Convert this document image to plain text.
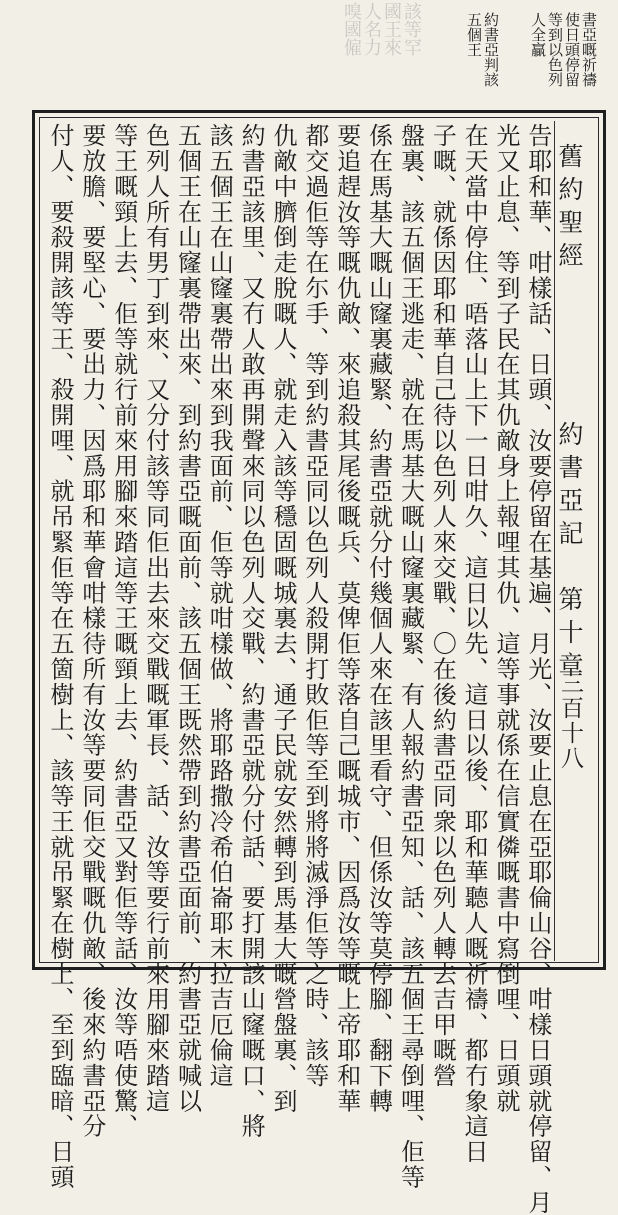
該等罕
國王來
人名力
嗅國僱	書亞嘅祈禱
使日頭停留
等到以色列
人全贏
約書亞判該
五個王
舊約聖經
約書亞記　第十章
三百十八
告耶和華、咁樣話、日頭、汝要停留在基遍、月光、汝要止息在亞耶倫山谷、咁樣日頭就停留、月
光又止息、等到子民在其仇敵身上報哩其仇、這等事就係在信實僯嘅書中寫倒哩、日頭就
在天當中停住、唔落山上下一日咁久、這日以先、這日以後、耶和華聽人嘅祈禱、都冇象這日
子嘅、就係因耶和華自己待以色列人來交戰、〇在後約書亞同衆以色列人轉去吉甲嘅營
盤裏、該五個王逃走、就在馬基大嘅山窿裏藏緊、有人報約書亞知、話、該五個王尋倒哩、佢等
係在馬基大嘅山窿裏藏緊、約書亞就分付幾個人來在該里看守、但係汝等莫停腳、翻下轉
要追趕汝等嘅仇敵、來追殺其尾後嘅兵、莫俾佢等落自己嘅城市、因爲汝等嘅上帝耶和華
都交過佢等在尓手、等到約書亞同以色列人殺開打敗佢等至到將將滅淨佢等之時、該等
仇敵中臍倒走脫嘅人、就走入該等穩固嘅城裏去、通子民就安然轉到馬基大嘅營盤裏、到
約書亞該里、又冇人敢再開聲來同以色列人交戰、約書亞就分付話、要打開該山窿嘅口、將
該五個王在山窿裏帶出來到我面前、佢等就咁樣做、將耶路撒冷希伯崙耶末拉吉厄倫這
五個王在山窿裏帶出來、到約書亞嘅面前、該五個王既然帶到約書亞面前、約書亞就喊以
色列人所有男丁到來、又分付該等同佢出去來交戰嘅軍長、話、汝等要行前來用腳來踏這
等王嘅頸上去、佢等就行前來用腳來踏這等王嘅頸上去、約書亞又對佢等話、汝等唔使驚、
要放膽、要堅心、要出力、因爲耶和華會咁樣待所有汝等要同佢交戰嘅仇敵、後來約書亞分
付人、要殺開該等王、殺開哩、就吊緊佢等在五箇樹上、該等王就吊緊在樹上、至到臨暗、日頭
